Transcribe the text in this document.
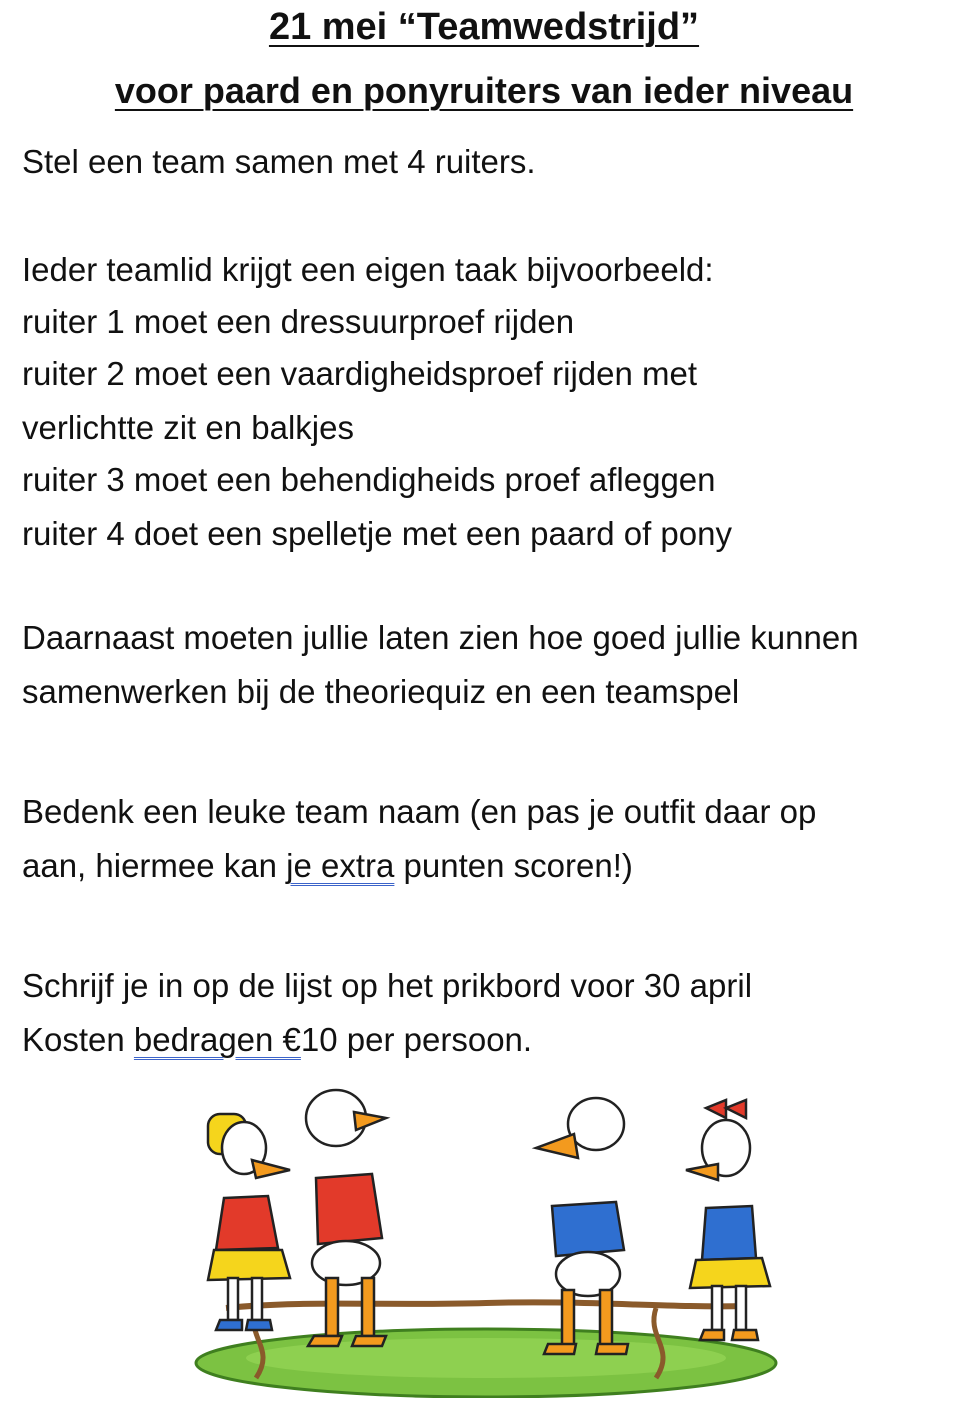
21 mei “Teamwedstrijd”
voor paard en ponyruiters van ieder niveau
Stel een team samen met 4 ruiters.
Ieder teamlid krijgt een eigen taak bijvoorbeeld:
ruiter 1 moet een dressuurproef rijden
ruiter 2 moet een vaardigheidsproef rijden met
verlichtte zit en balkjes
ruiter 3 moet een behendigheids proef afleggen
ruiter 4 doet een spelletje met een paard of pony
Daarnaast moeten jullie laten zien hoe goed jullie kunnen
samenwerken bij de theoriequiz en een teamspel
Bedenk een leuke team naam (en pas je outfit daar op
aan, hiermee kan je extra punten scoren!)
Schrijf je in op de lijst op het prikbord voor 30 april
Kosten bedragen €10 per persoon.
